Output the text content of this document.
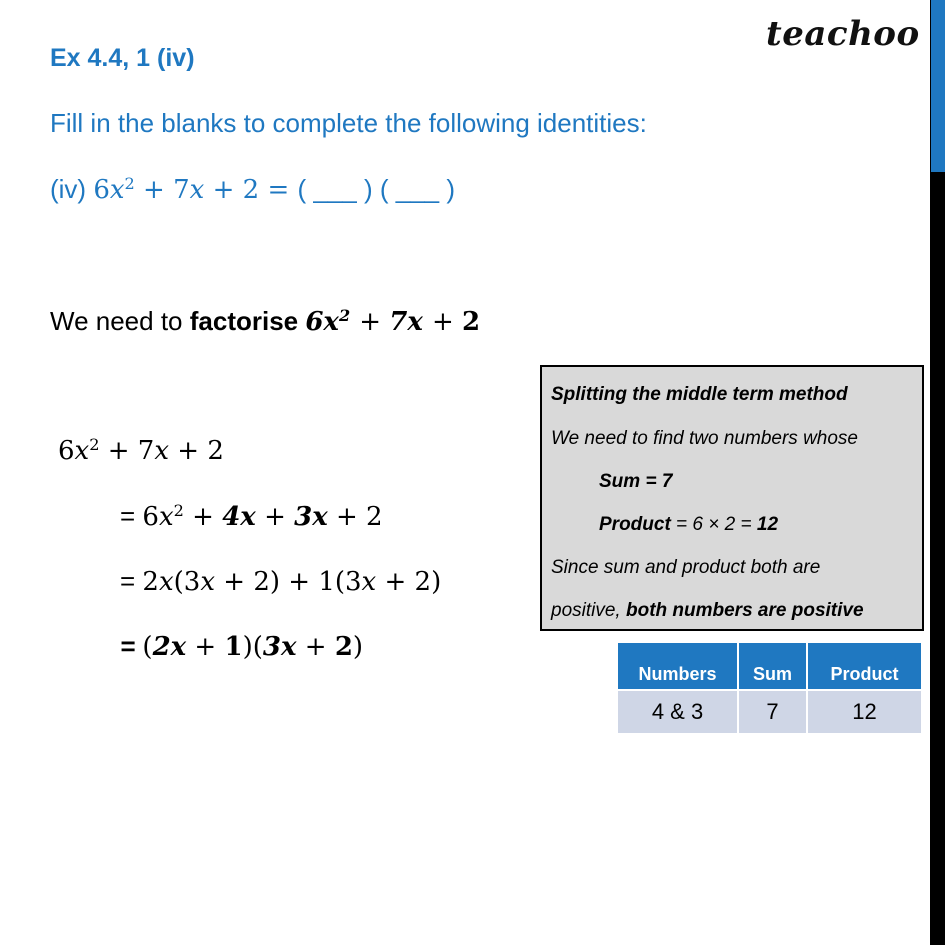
teachoo
Ex 4.4, 1 (iv)
Fill in the blanks to complete the following identities:
(iv) $6x^2 + 7x + 2$ = ( ___ ) ( ___ )
We need to factorise $6x^2 + 7x + 2$
$6x^2 + 7x + 2$
= $6x^2 + 4x + 3x + 2$
= 2x(3x + 2) + 1(3x + 2)
= (2x + 1)(3x + 2)
Splitting the middle term method
We need to find two numbers whose
Sum = 7
Product = 6 × 2 = 12
Since sum and product both are
positive, both numbers are positive
Numbers	Sum	Product
4 & 3	7	12
